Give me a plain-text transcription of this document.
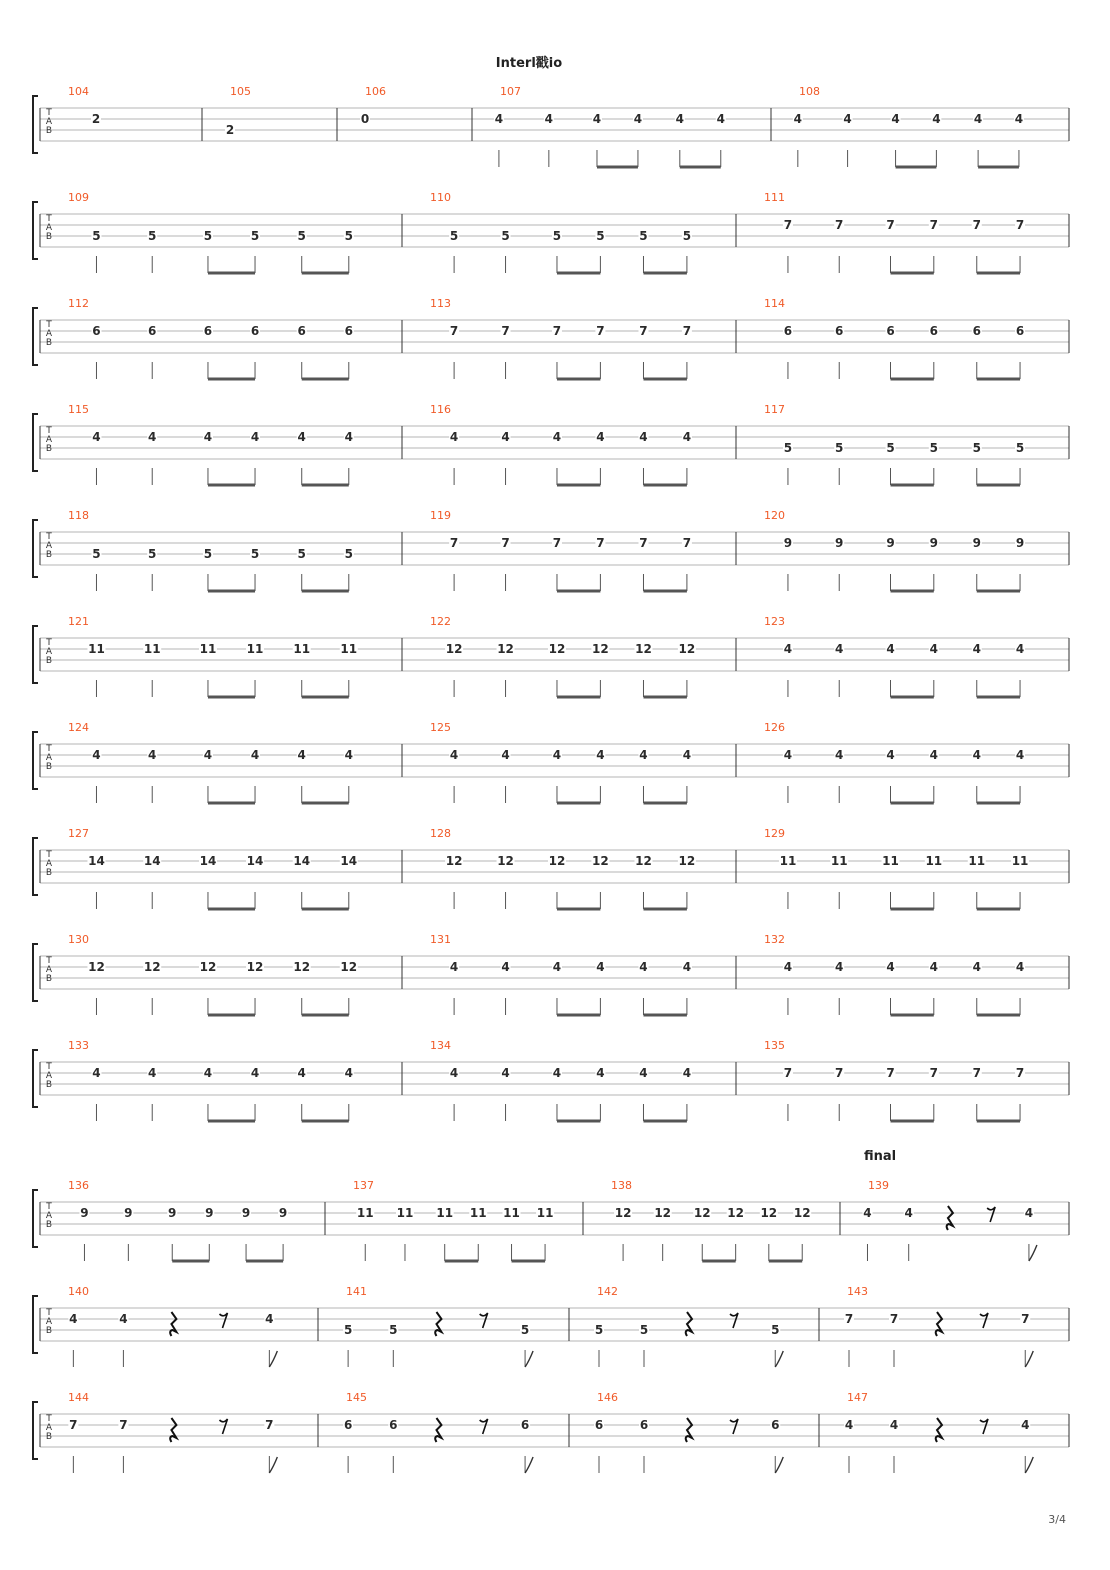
T
A
B
104
2
105
2
106
0
107
4	4	4	4	4	4
108
4	4	4	4	4	4
T
A
B
109
5	5	5	5	5	5
110
5	5	5	5	5	5
111
7	7	7	7	7	7
T
A
B
112
6	6	6	6	6	6
113
7	7	7	7	7	7
114
6	6	6	6	6	6
T
A
B
115
4	4	4	4	4	4
116
4	4	4	4	4	4
117
5	5	5	5	5	5
T
A
B
118
5	5	5	5	5	5
119
7	7	7	7	7	7
120
9	9	9	9	9	9
T
A
B
121
11	11	11	11 11	11
122
12	12	12 12 12 12
123
4	4	4	4	4	4
T
A
B
124
4	4	4	4	4	4
125
4	4	4	4	4	4
126
4	4	4	4	4	4
T
A
B
127
14	14	14	14 14	14
128
12	12	12 12 12 12
129
11	11	11 11 11 11
T
A
B
130
12	12	12	12 12	12
131
4	4	4	4	4	4
132
4	4	4	4	4	4
T
A
B
133
4	4	4	4	4	4
134
4	4	4	4	4	4
135
7	7	7	7	7	7
T
A
B
136
9	9	9 9 9 9
137
11 11 11 11 11 11
138
12 12 12 12 12 12
139
4	4	4
T
A
B
140
4	4	4
141
5	5	5
142
5	5	5
143
7	7	7
T
A
B
144
7	7	7
145
6	6	6
146
6	6	6
147
4	4	4
Interl戳io
final
3/4
